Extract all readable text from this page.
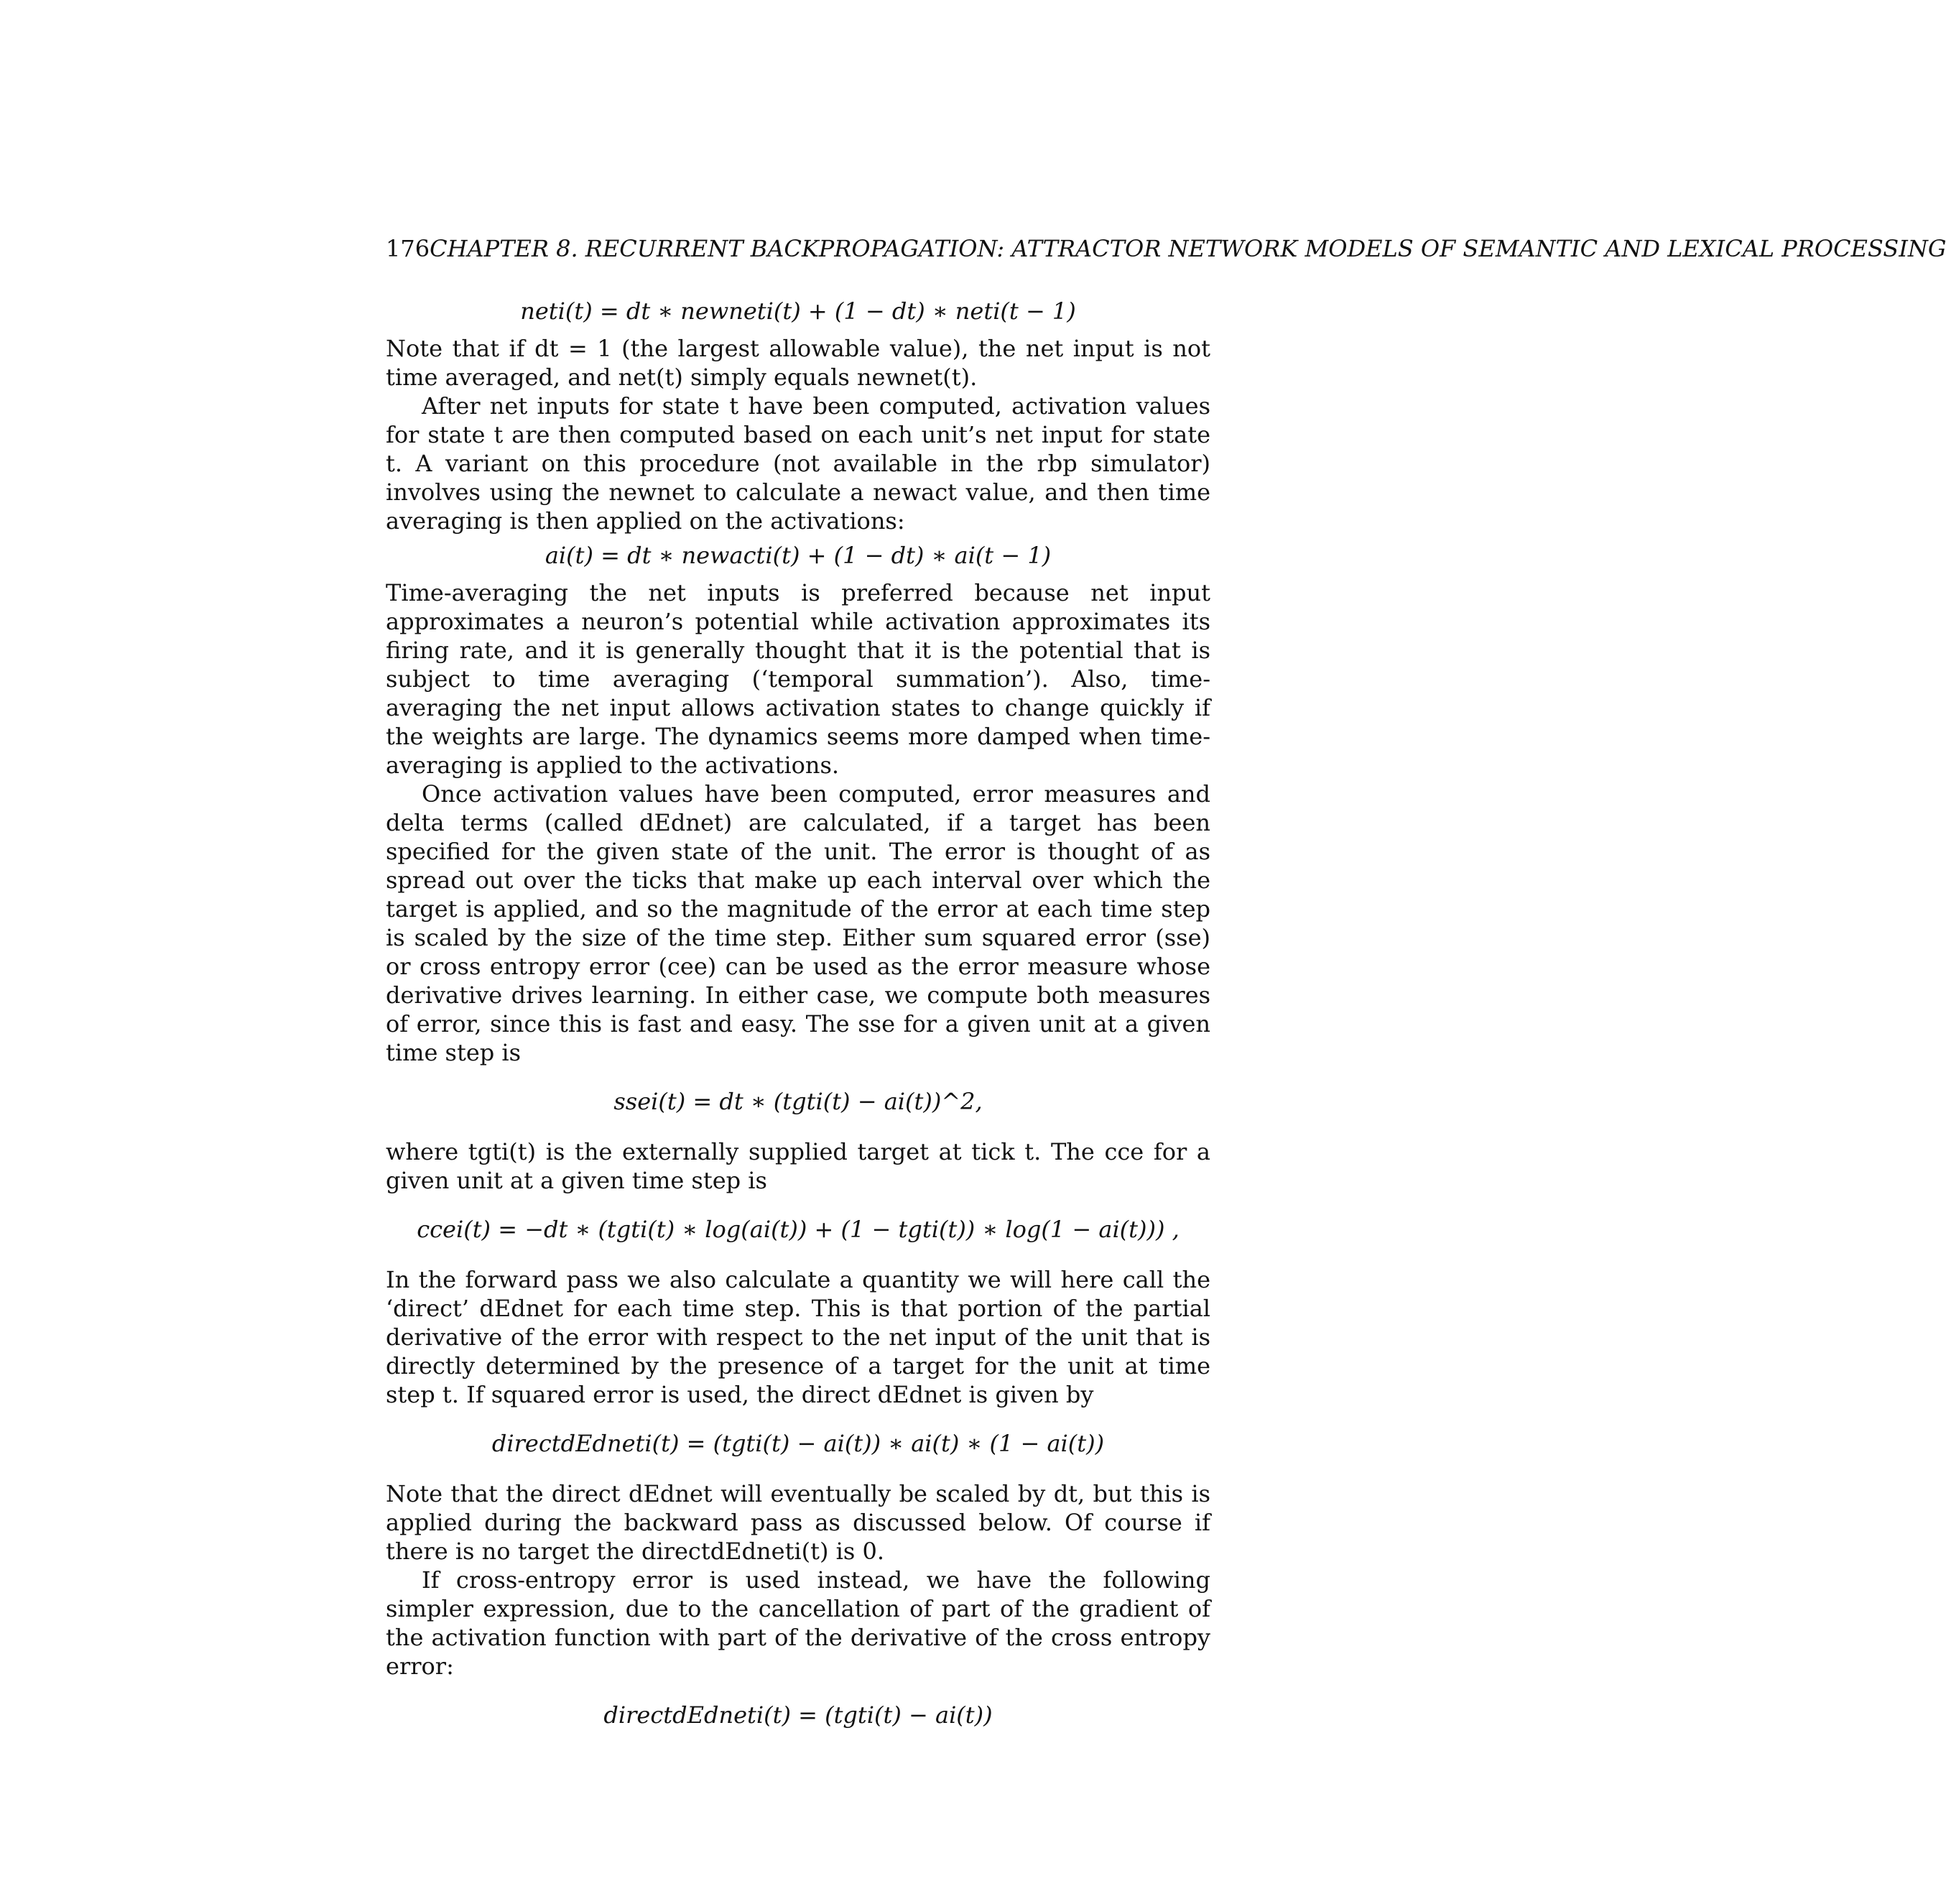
176CHAPTER 8. RECURRENT BACKPROPAGATION: ATTRACTOR NETWORK MODELS OF SEMANTIC AND LEXICAL PROCESSING
neti(t) = dt ∗ newneti(t) + (1 − dt) ∗ neti(t − 1)

Note that if dt = 1 (the largest allowable value), the net input is not time averaged, and net(t) simply equals newnet(t).

After net inputs for state t have been computed, activation values for state t are then computed based on each unit’s net input for state t. A variant on this procedure (not available in the rbp simulator) involves using the newnet to calculate a newact value, and then time averaging is then applied on the activations:

ai(t) = dt ∗ newacti(t) + (1 − dt) ∗ ai(t − 1)

Time-averaging the net inputs is preferred because net input approximates a neuron’s potential while activation approximates its firing rate, and it is generally thought that it is the potential that is subject to time averaging (‘temporal summation’). Also, time-averaging the net input allows activation states to change quickly if the weights are large. The dynamics seems more damped when time-averaging is applied to the activations.

Once activation values have been computed, error measures and delta terms (called dEdnet) are calculated, if a target has been specified for the given state of the unit. The error is thought of as spread out over the ticks that make up each interval over which the target is applied, and so the magnitude of the error at each time step is scaled by the size of the time step. Either sum squared error (sse) or cross entropy error (cee) can be used as the error measure whose derivative drives learning. In either case, we compute both measures of error, since this is fast and easy. The sse for a given unit at a given time step is

ssei(t) = dt ∗ (tgti(t) − ai(t))^2,

where tgti(t) is the externally supplied target at tick t. The cce for a given unit at a given time step is

ccei(t) = −dt ∗ (tgti(t) ∗ log(ai(t)) + (1 − tgti(t)) ∗ log(1 − ai(t))) ,

In the forward pass we also calculate a quantity we will here call the ‘direct’ dEdnet for each time step. This is that portion of the partial derivative of the error with respect to the net input of the unit that is directly determined by the presence of a target for the unit at time step t. If squared error is used, the direct dEdnet is given by

directdEdneti(t) = (tgti(t) − ai(t)) ∗ ai(t) ∗ (1 − ai(t))

Note that the direct dEdnet will eventually be scaled by dt, but this is applied during the backward pass as discussed below. Of course if there is no target the directdEdneti(t) is 0.

If cross-entropy error is used instead, we have the following simpler expression, due to the cancellation of part of the gradient of the activation function with part of the derivative of the cross entropy error:

directdEdneti(t) = (tgti(t) − ai(t))
